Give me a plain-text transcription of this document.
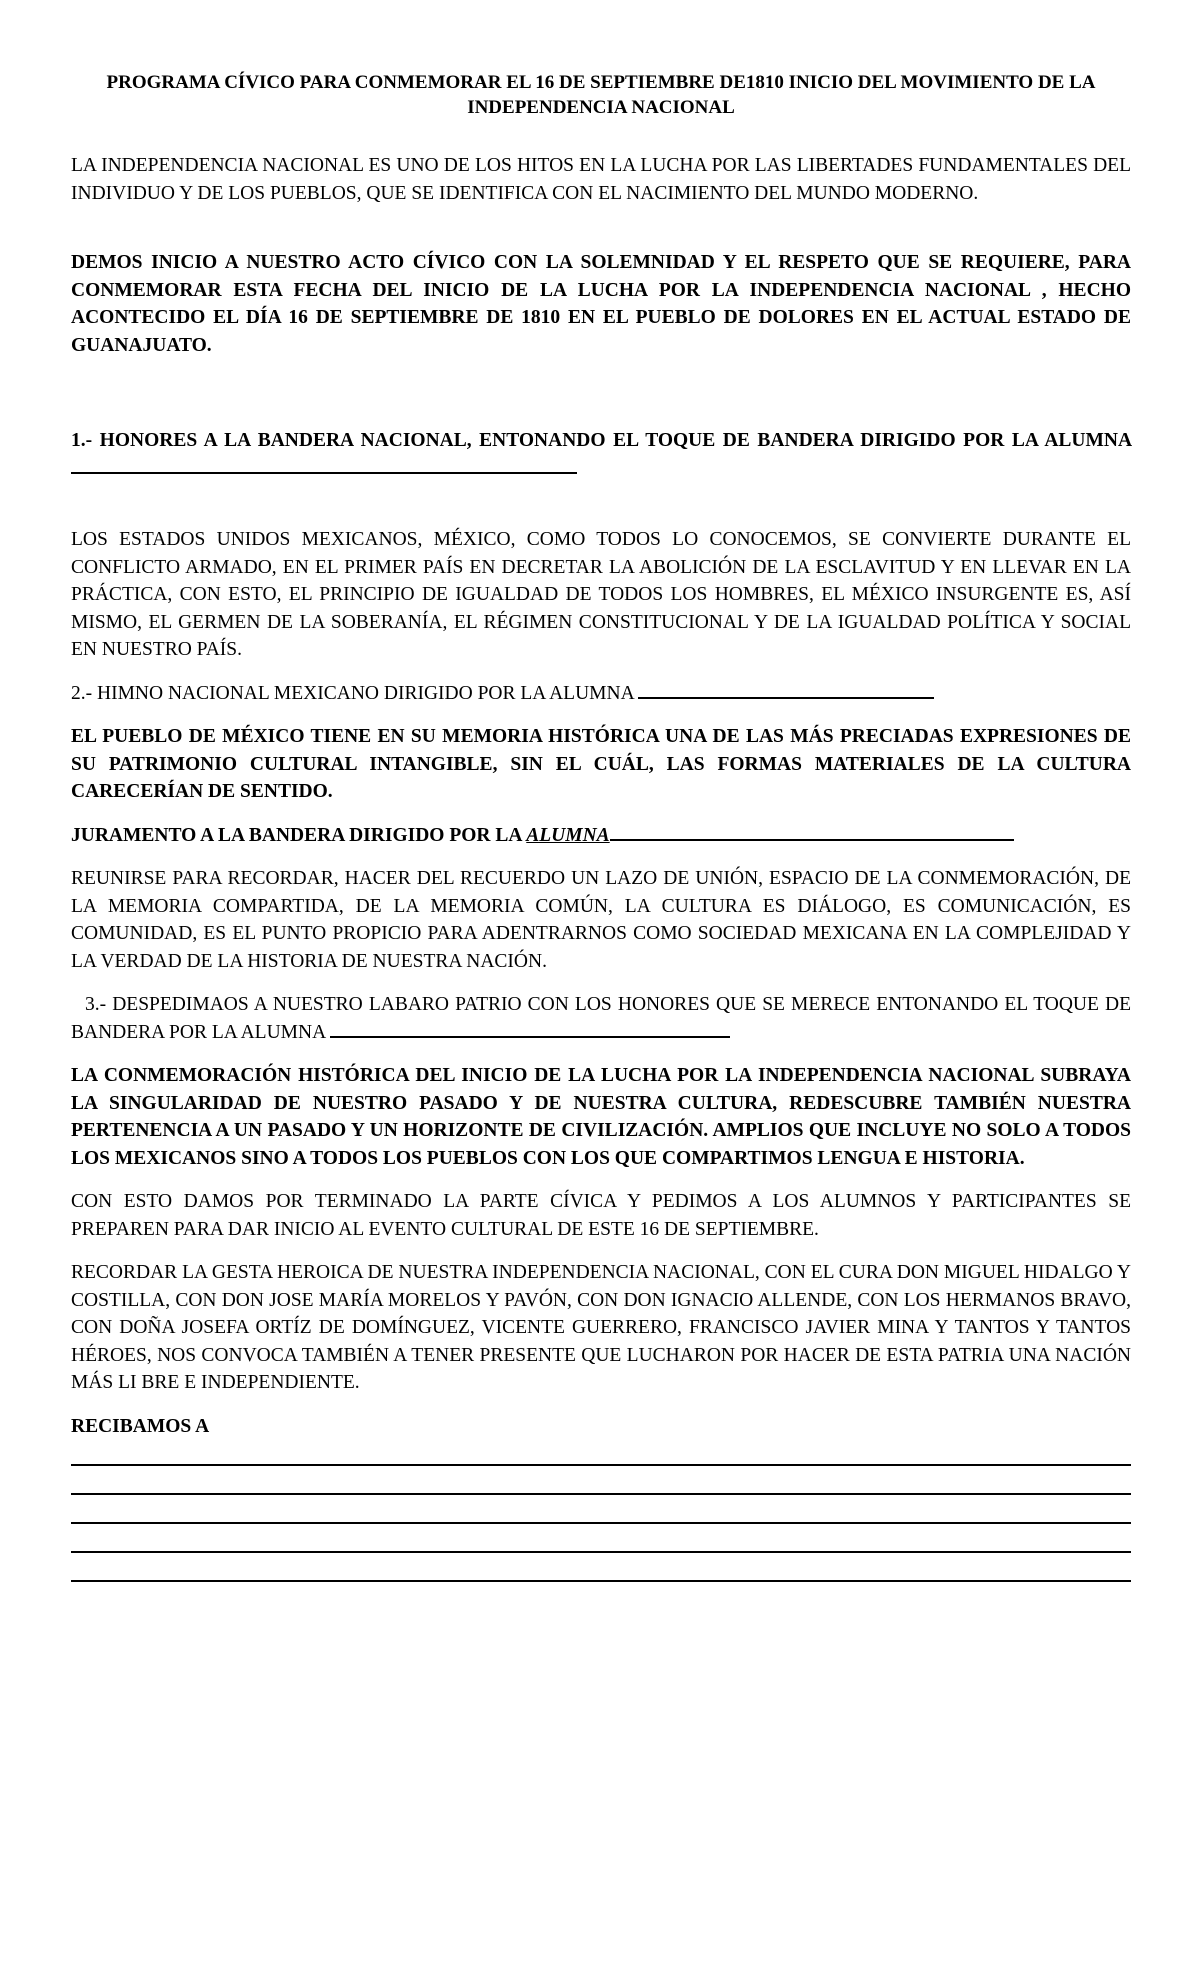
PROGRAMA CÍVICO PARA CONMEMORAR EL 16 DE SEPTIEMBRE DE1810 INICIO DEL MOVIMIENTO DE LA INDEPENDENCIA NACIONAL

LA INDEPENDENCIA NACIONAL ES UNO DE LOS HITOS EN LA LUCHA POR LAS LIBERTADES FUNDAMENTALES DEL INDIVIDUO Y DE LOS PUEBLOS, QUE SE IDENTIFICA CON EL NACIMIENTO DEL MUNDO MODERNO.

DEMOS INICIO A NUESTRO ACTO CÍVICO CON LA SOLEMNIDAD Y EL RESPETO QUE SE REQUIERE, PARA CONMEMORAR ESTA FECHA DEL INICIO DE LA LUCHA POR LA INDEPENDENCIA NACIONAL , HECHO ACONTECIDO EL DÍA 16 DE SEPTIEMBRE DE 1810 EN EL PUEBLO DE DOLORES EN EL ACTUAL ESTADO DE GUANAJUATO.

1.- HONORES A LA BANDERA NACIONAL, ENTONANDO EL TOQUE DE BANDERA DIRIGIDO POR LA ALUMNA

LOS ESTADOS UNIDOS MEXICANOS, MÉXICO, COMO TODOS LO CONOCEMOS, SE CONVIERTE DURANTE EL CONFLICTO ARMADO, EN EL PRIMER PAÍS EN DECRETAR LA ABOLICIÓN DE LA ESCLAVITUD Y EN LLEVAR EN LA PRÁCTICA, CON ESTO, EL PRINCIPIO DE IGUALDAD DE TODOS LOS HOMBRES, EL MÉXICO INSURGENTE ES, ASÍ MISMO, EL GERMEN DE LA SOBERANÍA, EL RÉGIMEN CONSTITUCIONAL Y DE LA IGUALDAD POLÍTICA Y SOCIAL EN NUESTRO PAÍS.

2.- HIMNO NACIONAL MEXICANO DIRIGIDO POR LA ALUMNA

EL PUEBLO DE MÉXICO TIENE EN SU MEMORIA HISTÓRICA UNA DE LAS MÁS PRECIADAS EXPRESIONES DE SU PATRIMONIO CULTURAL INTANGIBLE, SIN EL CUÁL, LAS FORMAS MATERIALES DE LA CULTURA CARECERÍAN DE SENTIDO.

JURAMENTO A LA BANDERA DIRIGIDO POR LA ALUMNA

REUNIRSE PARA RECORDAR, HACER DEL RECUERDO UN LAZO DE UNIÓN, ESPACIO DE LA CONMEMORACIÓN, DE LA MEMORIA COMPARTIDA, DE LA MEMORIA COMÚN, LA CULTURA ES DIÁLOGO, ES COMUNICACIÓN, ES COMUNIDAD, ES EL PUNTO PROPICIO PARA ADENTRARNOS COMO SOCIEDAD MEXICANA EN LA COMPLEJIDAD Y LA VERDAD DE LA HISTORIA DE NUESTRA NACIÓN.

3.- DESPEDIMAOS A NUESTRO LABARO PATRIO CON LOS HONORES QUE SE MERECE ENTONANDO EL TOQUE DE BANDERA POR LA ALUMNA

LA CONMEMORACIÓN HISTÓRICA DEL INICIO DE LA LUCHA POR LA INDEPENDENCIA NACIONAL SUBRAYA LA SINGULARIDAD DE NUESTRO PASADO Y DE NUESTRA CULTURA, REDESCUBRE TAMBIÉN NUESTRA PERTENENCIA A UN PASADO Y UN HORIZONTE DE CIVILIZACIÓN. AMPLIOS QUE INCLUYE NO SOLO A TODOS LOS MEXICANOS SINO A TODOS LOS PUEBLOS CON LOS QUE COMPARTIMOS LENGUA E HISTORIA.

CON ESTO DAMOS POR TERMINADO LA PARTE CÍVICA Y PEDIMOS A LOS ALUMNOS Y PARTICIPANTES SE PREPAREN PARA DAR INICIO AL EVENTO CULTURAL DE ESTE 16 DE SEPTIEMBRE.

RECORDAR LA GESTA HEROICA DE NUESTRA INDEPENDENCIA NACIONAL, CON EL CURA DON MIGUEL HIDALGO Y COSTILLA, CON DON JOSE MARÍA MORELOS Y PAVÓN, CON DON IGNACIO ALLENDE, CON LOS HERMANOS BRAVO, CON DOÑA JOSEFA ORTÍZ DE DOMÍNGUEZ, VICENTE GUERRERO, FRANCISCO JAVIER MINA Y TANTOS Y TANTOS HÉROES, NOS CONVOCA TAMBIÉN A TENER PRESENTE QUE LUCHARON POR HACER DE ESTA PATRIA UNA NACIÓN MÁS LI BRE E INDEPENDIENTE.

RECIBAMOS A
